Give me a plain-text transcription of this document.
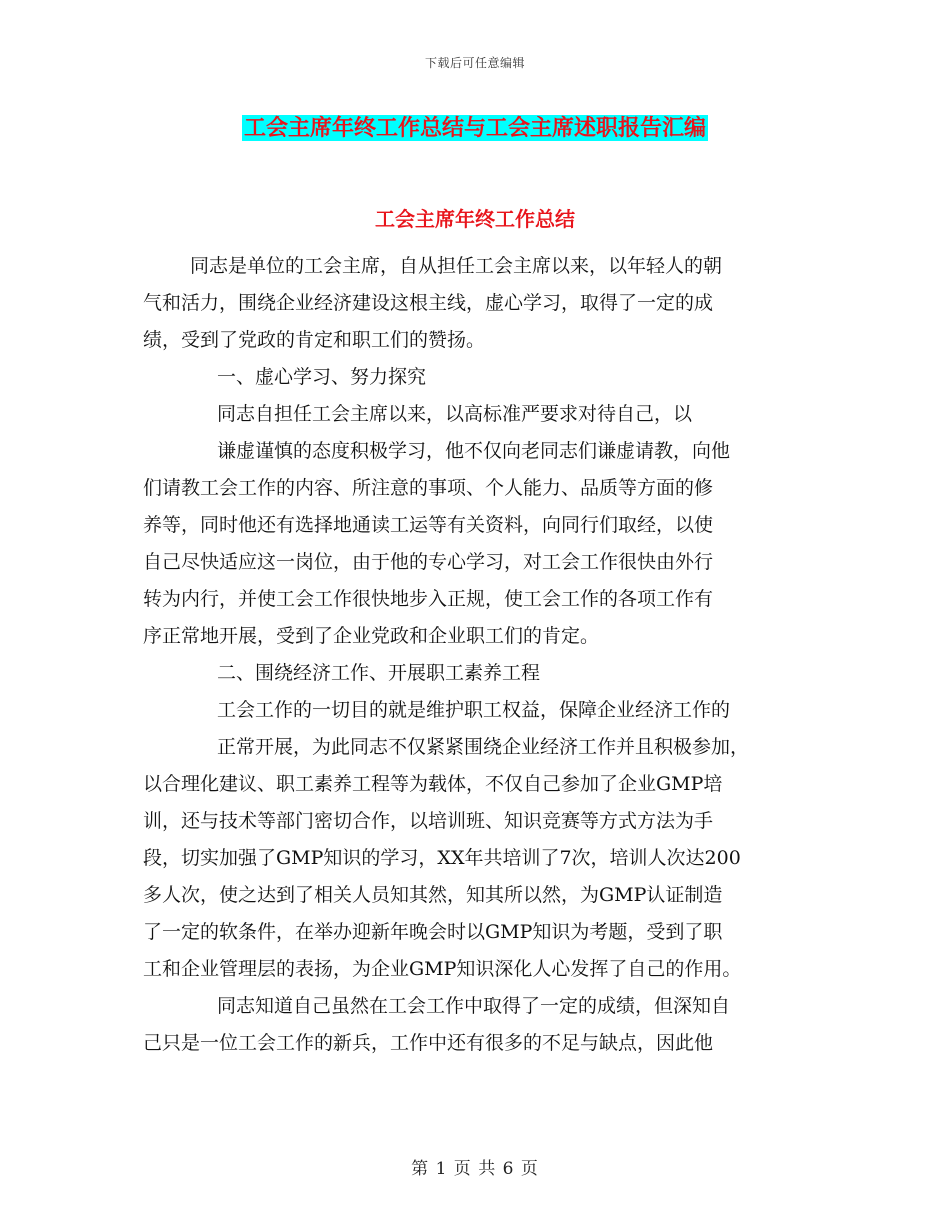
下载后可任意编辑
工会主席年终工作总结与工会主席述职报告汇编
工会主席年终工作总结
同志是单位的工会主席，自从担任工会主席以来，以年轻人的朝
气和活力，围绕企业经济建设这根主线，虚心学习，取得了一定的成
绩，受到了党政的肯定和职工们的赞扬。
一、虚心学习、努力探究
同志自担任工会主席以来，以高标准严要求对待自己，以
谦虚谨慎的态度积极学习，他不仅向老同志们谦虚请教，向他
们请教工会工作的内容、所注意的事项、个人能力、品质等方面的修
养等，同时他还有选择地通读工运等有关资料，向同行们取经，以使
自己尽快适应这一岗位，由于他的专心学习，对工会工作很快由外行
转为内行，并使工会工作很快地步入正规，使工会工作的各项工作有
序正常地开展，受到了企业党政和企业职工们的肯定。
二、围绕经济工作、开展职工素养工程
工会工作的一切目的就是维护职工权益，保障企业经济工作的
正常开展，为此同志不仅紧紧围绕企业经济工作并且积极参加，
以合理化建议、职工素养工程等为载体，不仅自己参加了企业GMP培
训，还与技术等部门密切合作，以培训班、知识竞赛等方式方法为手
段，切实加强了GMP知识的学习，XX年共培训了7次，培训人次达200
多人次，使之达到了相关人员知其然，知其所以然，为GMP认证制造
了一定的软条件，在举办迎新年晚会时以GMP知识为考题，受到了职
工和企业管理层的表扬，为企业GMP知识深化人心发挥了自己的作用。
同志知道自己虽然在工会工作中取得了一定的成绩，但深知自
己只是一位工会工作的新兵，工作中还有很多的不足与缺点，因此他
第 1 页 共 6 页
